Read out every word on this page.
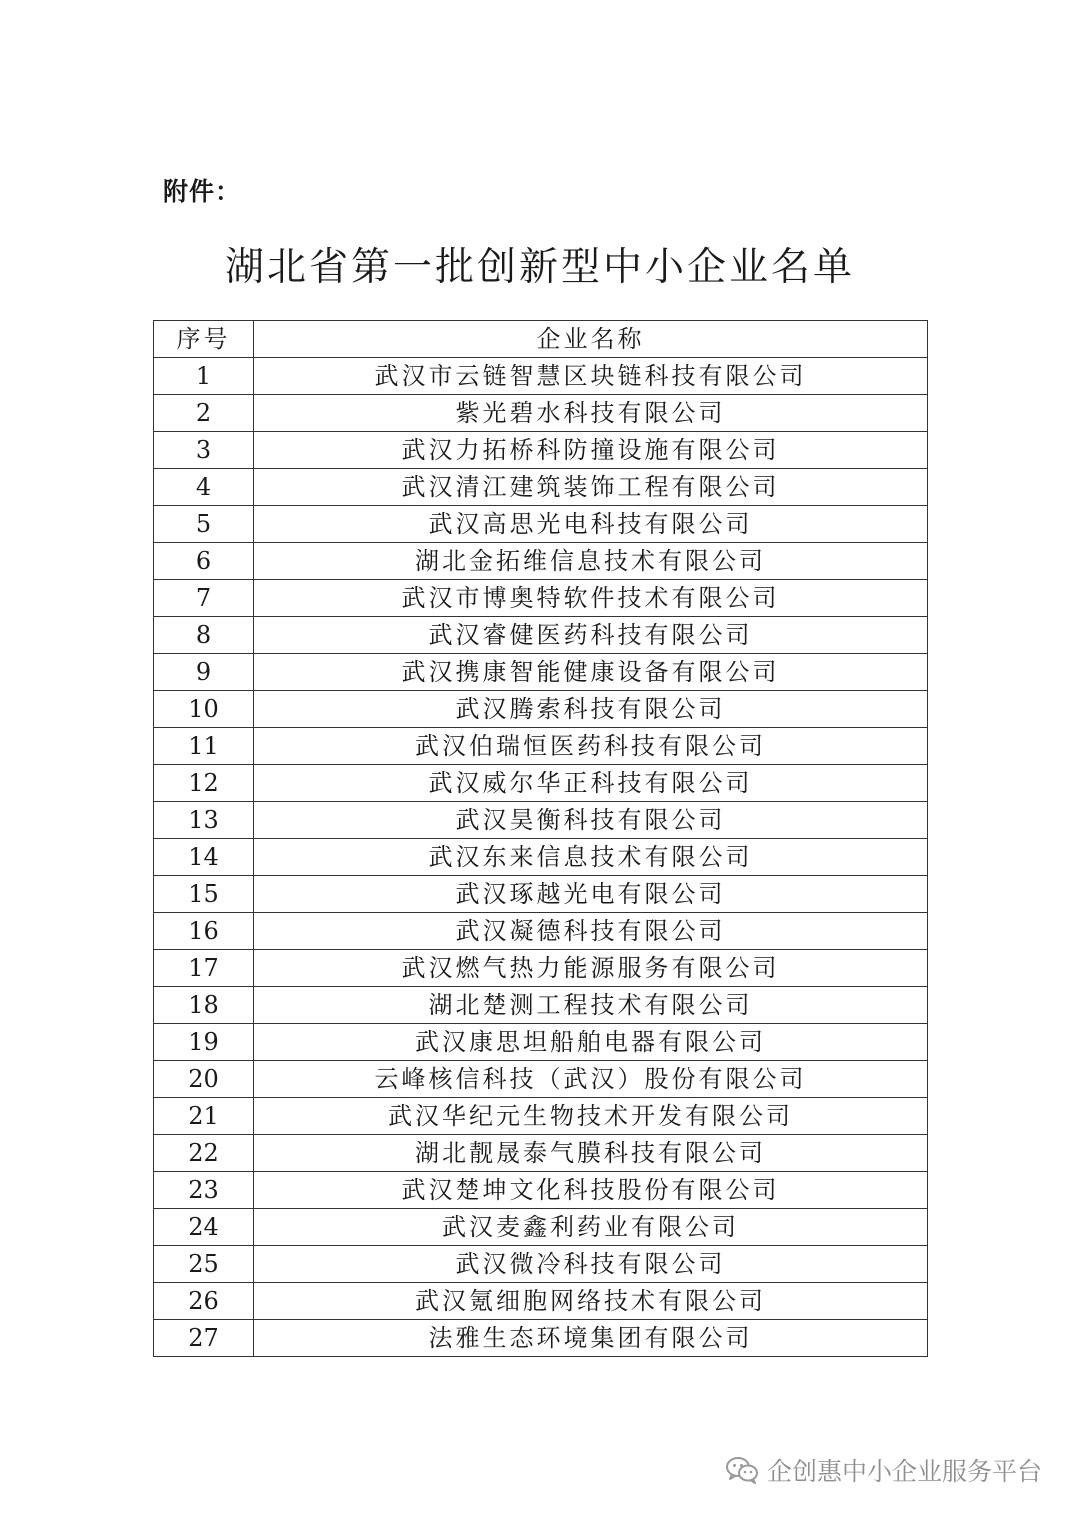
附件：
湖北省第一批创新型中小企业名单
序号	企业名称
1	武汉市云链智慧区块链科技有限公司
2	紫光碧水科技有限公司
3	武汉力拓桥科防撞设施有限公司
4	武汉清江建筑装饰工程有限公司
5	武汉高思光电科技有限公司
6	湖北金拓维信息技术有限公司
7	武汉市博奥特软件技术有限公司
8	武汉睿健医药科技有限公司
9	武汉携康智能健康设备有限公司
10	武汉腾索科技有限公司
11	武汉伯瑞恒医药科技有限公司
12	武汉威尔华正科技有限公司
13	武汉昊衡科技有限公司
14	武汉东来信息技术有限公司
15	武汉琢越光电有限公司
16	武汉凝德科技有限公司
17	武汉燃气热力能源服务有限公司
18	湖北楚测工程技术有限公司
19	武汉康思坦船舶电器有限公司
20	云峰核信科技（武汉）股份有限公司
21	武汉华纪元生物技术开发有限公司
22	湖北靓晟泰气膜科技有限公司
23	武汉楚坤文化科技股份有限公司
24	武汉麦鑫利药业有限公司
25	武汉微冷科技有限公司
26	武汉氪细胞网络技术有限公司
27	法雅生态环境集团有限公司
企创惠中小企业服务平台
